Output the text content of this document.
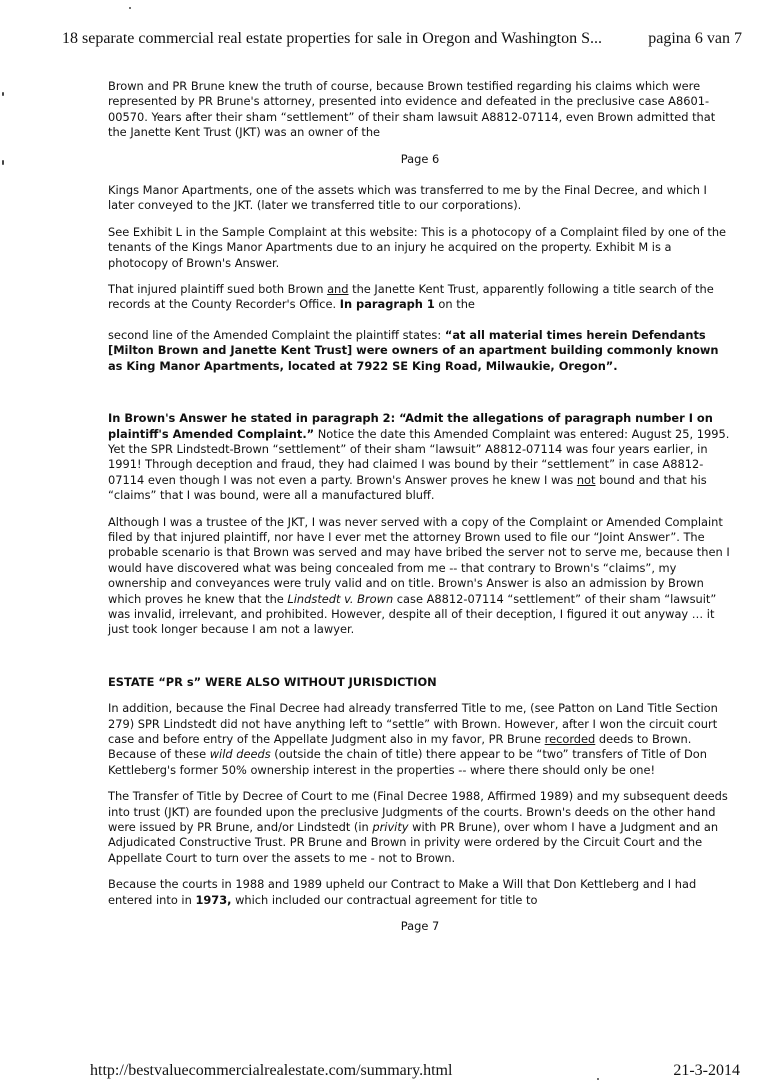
18 separate commercial real estate properties for sale in Oregon and Washington S...	pagina 6 van 7

Brown and PR Brune knew the truth of course, because Brown testified regarding his claims which were represented by PR Brune's attorney, presented into evidence and defeated in the preclusive case A8601-00570. Years after their sham “settlement” of their sham lawsuit A8812-07114, even Brown admitted that the Janette Kent Trust (JKT) was an owner of the

Page 6

Kings Manor Apartments, one of the assets which was transferred to me by the Final Decree, and which I later conveyed to the JKT. (later we transferred title to our corporations).

See Exhibit L in the Sample Complaint at this website: This is a photocopy of a Complaint filed by one of the tenants of the Kings Manor Apartments due to an injury he acquired on the property. Exhibit M is a photocopy of Brown's Answer.

That injured plaintiff sued both Brown and the Janette Kent Trust, apparently following a title search of the records at the County Recorder's Office. In paragraph 1 on the

second line of the Amended Complaint the plaintiff states: “at all material times herein Defendants [Milton Brown and Janette Kent Trust] were owners of an apartment building commonly known as King Manor Apartments, located at 7922 SE King Road, Milwaukie, Oregon”.

In Brown's Answer he stated in paragraph 2: “Admit the allegations of paragraph number I on plaintiff's Amended Complaint.” Notice the date this Amended Complaint was entered: August 25, 1995. Yet the SPR Lindstedt-Brown “settlement” of their sham “lawsuit” A8812-07114 was four years earlier, in 1991! Through deception and fraud, they had claimed I was bound by their “settlement” in case A8812-07114 even though I was not even a party. Brown's Answer proves he knew I was not bound and that his “claims” that I was bound, were all a manufactured bluff.

Although I was a trustee of the JKT, I was never served with a copy of the Complaint or Amended Complaint filed by that injured plaintiff, nor have I ever met the attorney Brown used to file our “Joint Answer”. The probable scenario is that Brown was served and may have bribed the server not to serve me, because then I would have discovered what was being concealed from me -- that contrary to Brown's “claims”, my ownership and conveyances were truly valid and on title. Brown's Answer is also an admission by Brown which proves he knew that the Lindstedt v. Brown case A8812-07114 “settlement” of their sham “lawsuit” was invalid, irrelevant, and prohibited. However, despite all of their deception, I figured it out anyway … it just took longer because I am not a lawyer.

ESTATE “PR s” WERE ALSO WITHOUT JURISDICTION

In addition, because the Final Decree had already transferred Title to me, (see Patton on Land Title Section 279) SPR Lindstedt did not have anything left to “settle” with Brown. However, after I won the circuit court case and before entry of the Appellate Judgment also in my favor, PR Brune recorded deeds to Brown. Because of these wild deeds (outside the chain of title) there appear to be “two” transfers of Title of Don Kettleberg's former 50% ownership interest in the properties -- where there should only be one!

The Transfer of Title by Decree of Court to me (Final Decree 1988, Affirmed 1989) and my subsequent deeds into trust (JKT) are founded upon the preclusive Judgments of the courts. Brown's deeds on the other hand were issued by PR Brune, and/or Lindstedt (in privity with PR Brune), over whom I have a Judgment and an Adjudicated Constructive Trust. PR Brune and Brown in privity were ordered by the Circuit Court and the Appellate Court to turn over the assets to me - not to Brown.

Because the courts in 1988 and 1989 upheld our Contract to Make a Will that Don Kettleberg and I had entered into in 1973, which included our contractual agreement for title to

Page 7
http://bestvaluecommercialrealestate.com/summary.html	21-3-2014
